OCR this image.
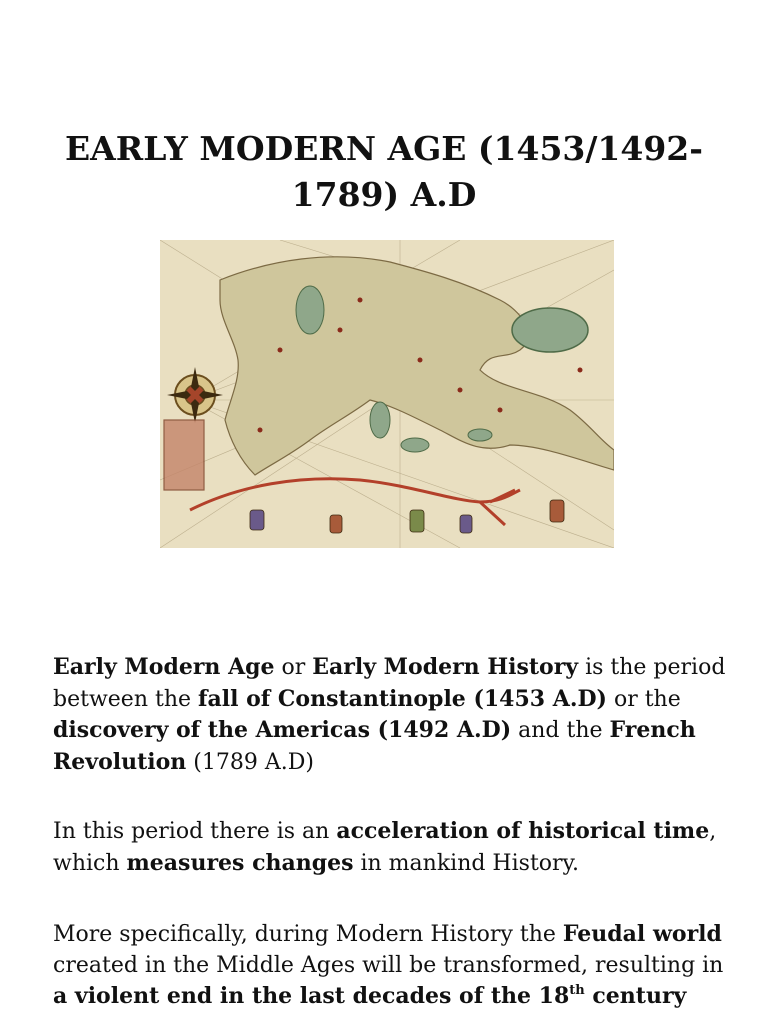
EARLY MODERN AGE (1453/1492-
1789) A.D

Early Modern Age or Early Modern History is the period between the fall of Constantinople (1453 A.D) or the discovery of the Americas (1492 A.D) and the French Revolution (1789 A.D)

In this period there is an acceleration of historical time, which measures changes in mankind History.

More specifically, during Modern History the Feudal world created in the Middle Ages will be transformed, resulting in a violent end in the last decades of the 18th century
